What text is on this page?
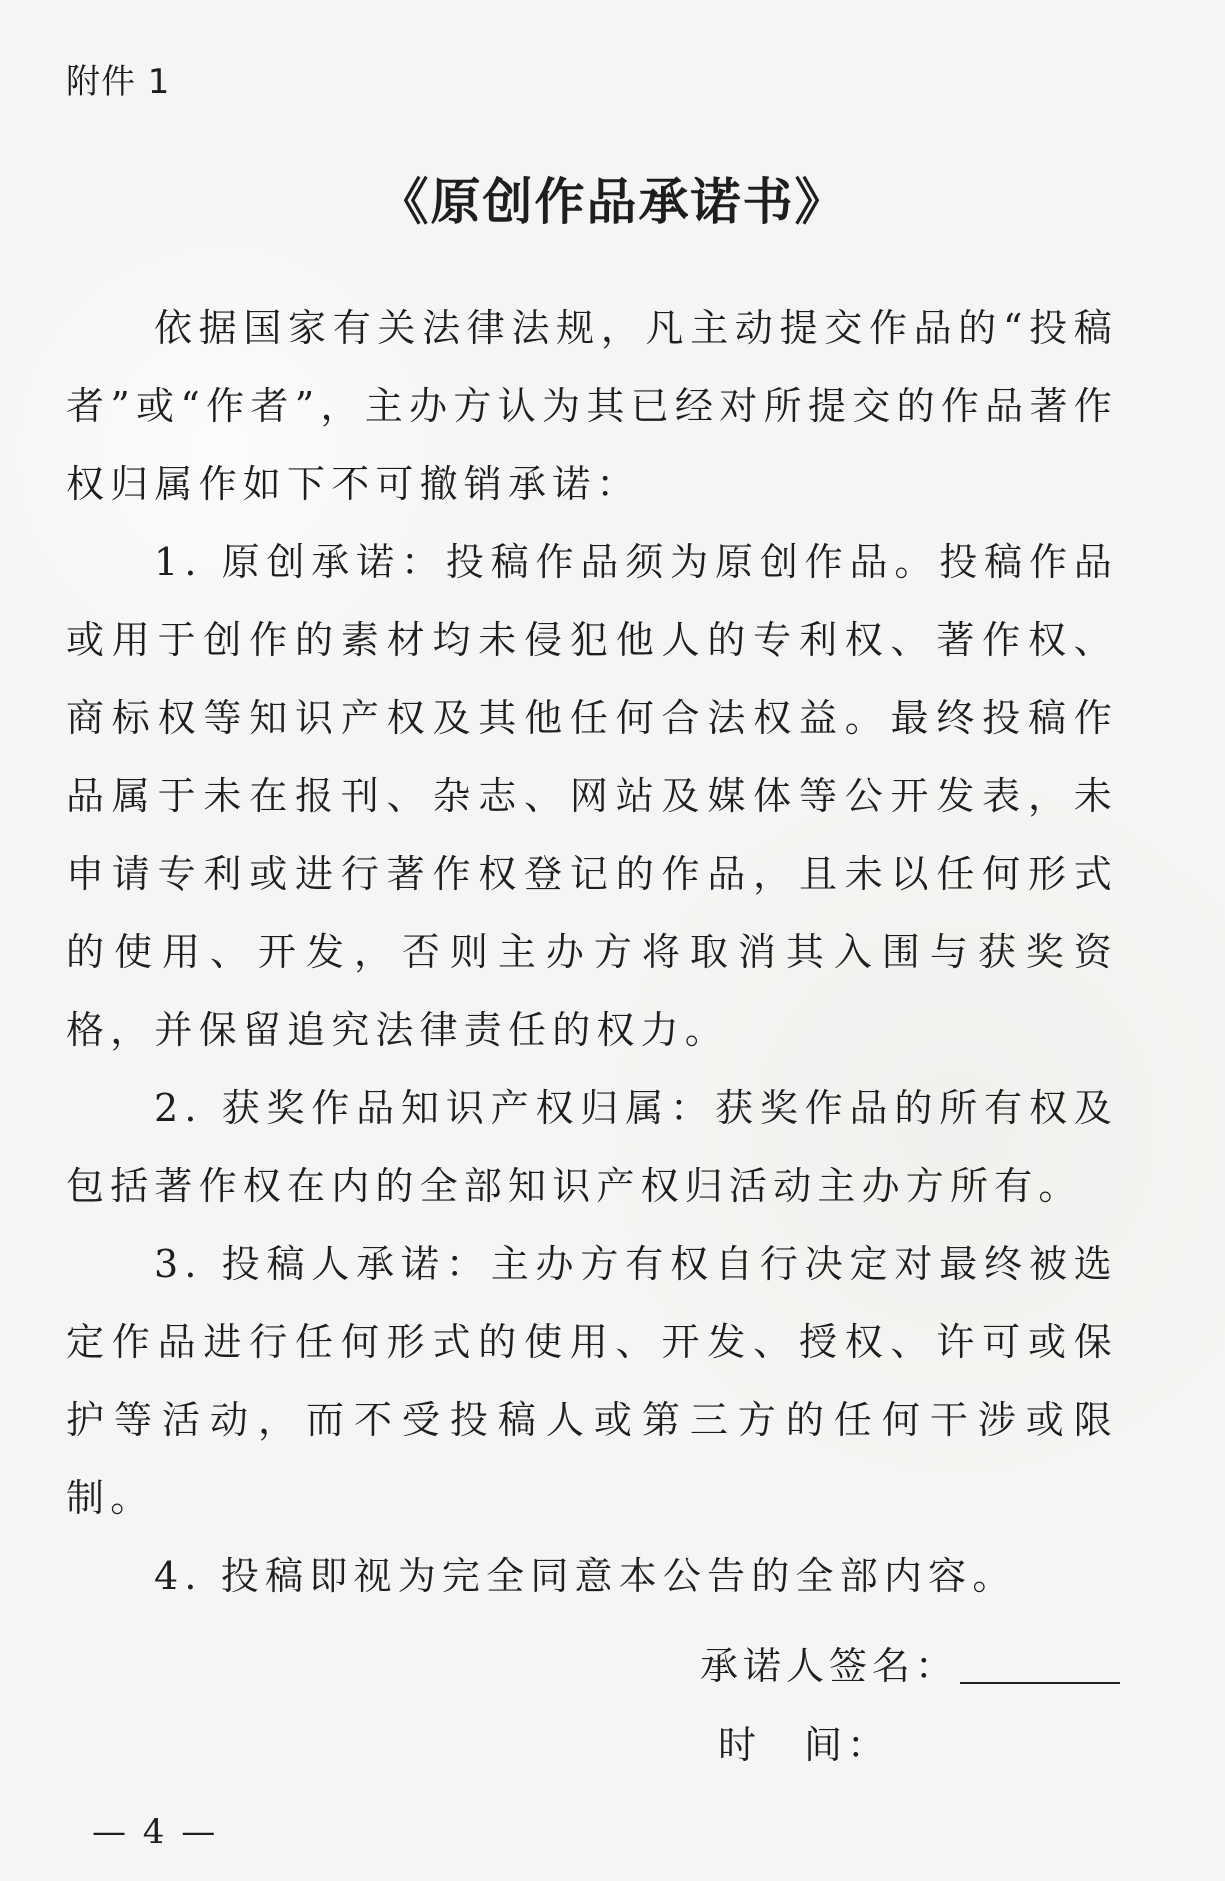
附件 1
《原创作品承诺书》

依据国家有关法律法规，凡主动提交作品的“投稿者”或“作者”，主办方认为其已经对所提交的作品著作权归属作如下不可撤销承诺：

1. 原创承诺：投稿作品须为原创作品。投稿作品或用于创作的素材均未侵犯他人的专利权、著作权、商标权等知识产权及其他任何合法权益。最终投稿作品属于未在报刊、杂志、网站及媒体等公开发表，未申请专利或进行著作权登记的作品，且未以任何形式的使用、开发，否则主办方将取消其入围与获奖资格，并保留追究法律责任的权力。

2. 获奖作品知识产权归属：获奖作品的所有权及包括著作权在内的全部知识产权归活动主办方所有。

3. 投稿人承诺：主办方有权自行决定对最终被选定作品进行任何形式的使用、开发、授权、许可或保护等活动，而不受投稿人或第三方的任何干涉或限制。

4. 投稿即视为完全同意本公告的全部内容。

承诺人签名：
时　间：
— 4 —
